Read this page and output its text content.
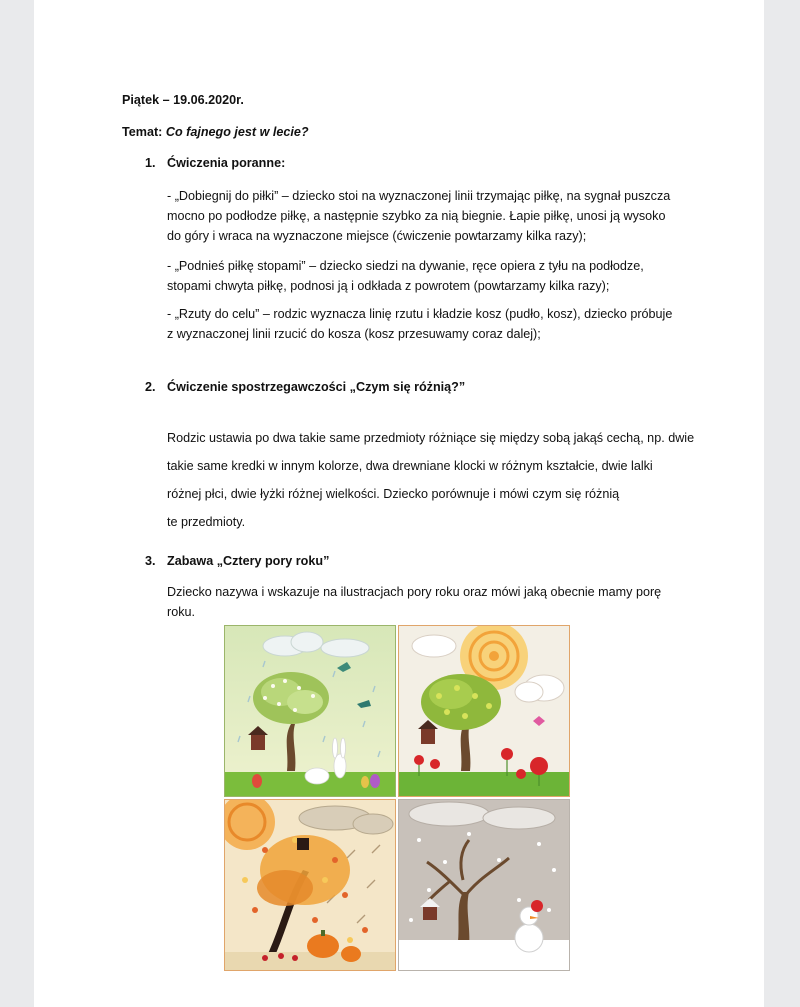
Piątek – 19.06.2020r.
Temat: Co fajnego jest w lecie?
1. Ćwiczenia poranne:
- „Dobiegnij do piłki” – dziecko stoi na wyznaczonej linii trzymając piłkę, na sygnał puszcza
mocno po podłodze piłkę, a następnie szybko za nią biegnie. Łapie piłkę, unosi ją wysoko
do góry i wraca na wyznaczone miejsce (ćwiczenie powtarzamy kilka razy);
- „Podnieś piłkę stopami” – dziecko siedzi na dywanie, ręce opiera z tyłu na podłodze,
stopami chwyta piłkę, podnosi ją i odkłada z powrotem (powtarzamy kilka razy);
- „Rzuty do celu” – rodzic wyznacza linię rzutu i kładzie kosz (pudło, kosz), dziecko próbuje
z wyznaczonej linii rzucić do kosza (kosz przesuwamy coraz dalej);
2. Ćwiczenie spostrzegawczości „Czym się różnią?”
Rodzic ustawia po dwa takie same przedmioty różniące się między sobą jakąś cechą, np. dwie
takie same kredki w innym kolorze, dwa drewniane klocki w różnym kształcie, dwie lalki
różnej płci, dwie łyżki różnej wielkości. Dziecko porównuje i mówi czym się różnią
te przedmioty.
3. Zabawa „Cztery pory roku”
Dziecko nazywa i wskazuje na ilustracjach pory roku oraz mówi jaką obecnie mamy porę
roku.
